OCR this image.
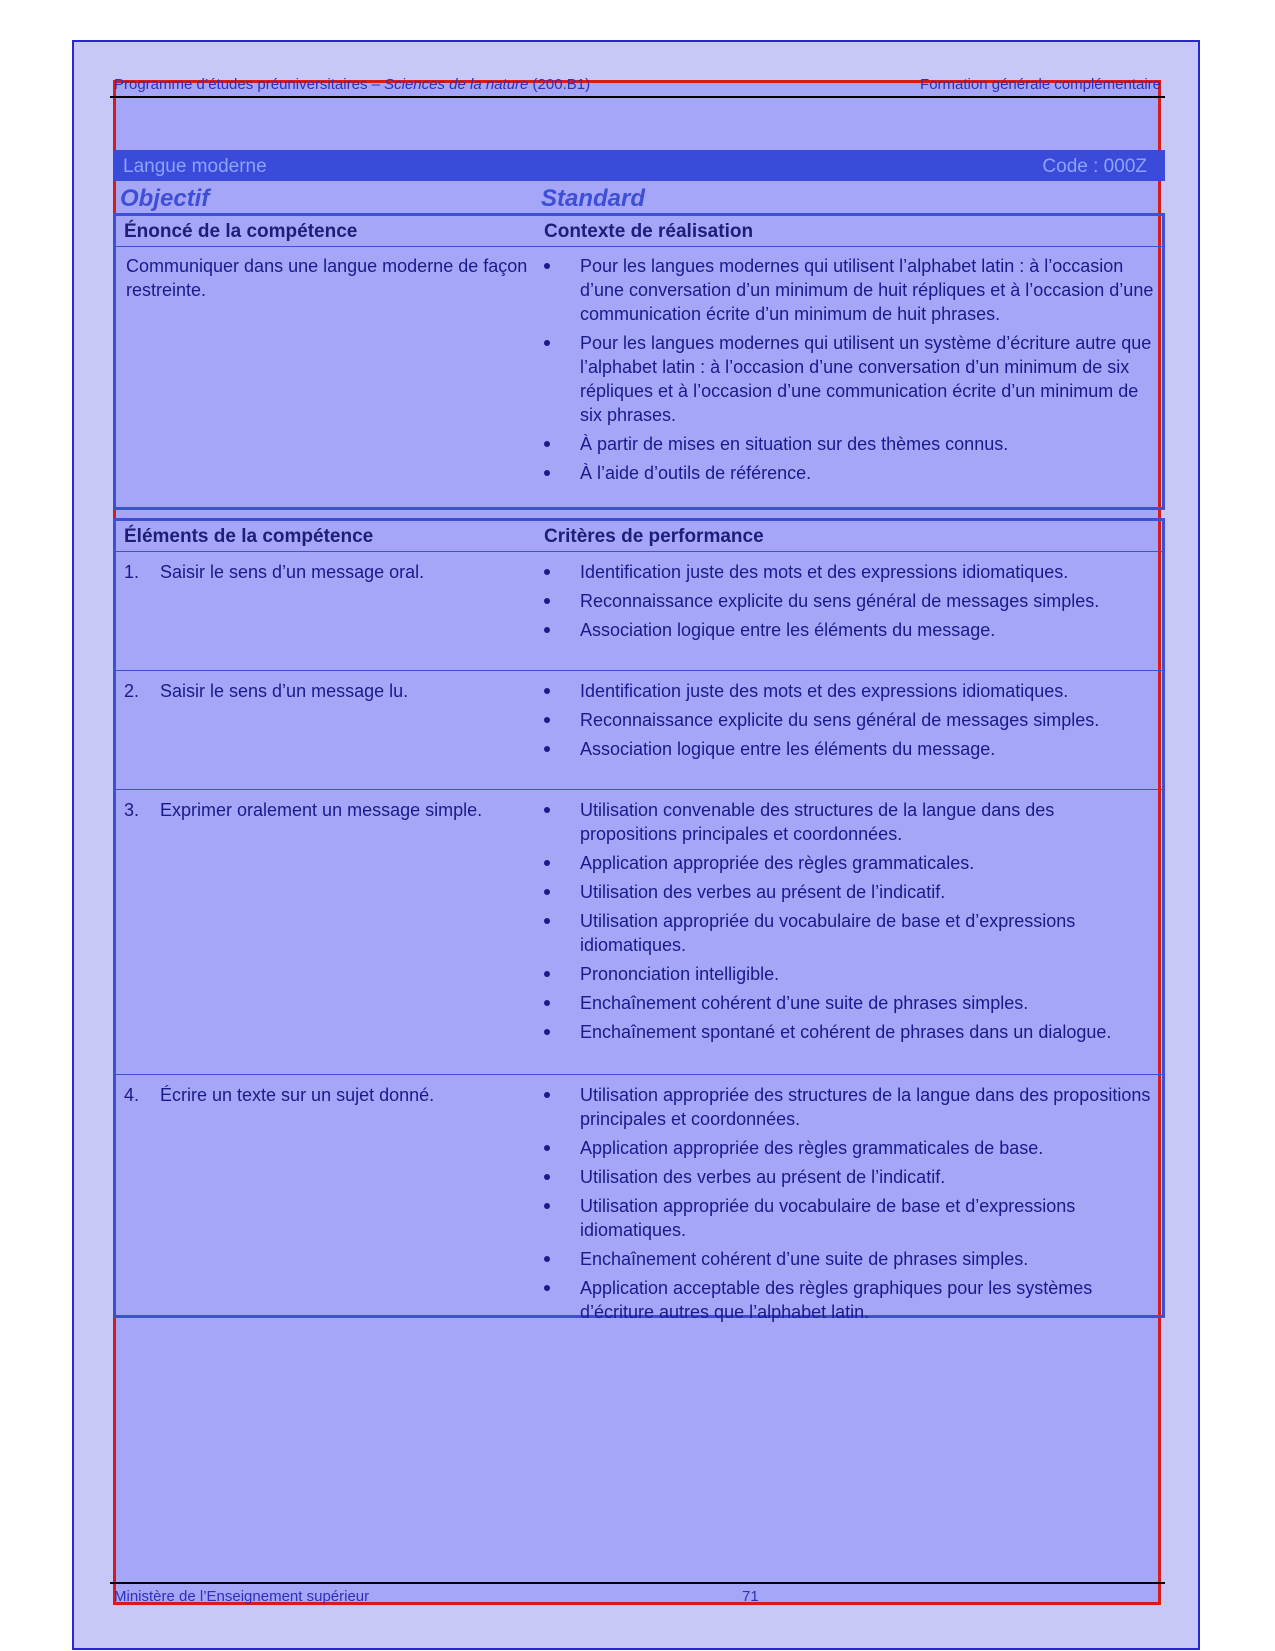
Programme d’études préuniversitaires – Sciences de la nature (200.B1)	Formation générale complémentaire
Langue moderne	Code : 000Z
Objectif	Standard
Énoncé de la compétence	Contexte de réalisation
Communiquer dans une langue moderne de façon restreinte.
Pour les langues modernes qui utilisent l’alphabet latin : à l’occasion d’une conversation d’un minimum de huit répliques et à l’occasion d’une communication écrite d’un minimum de huit phrases.
Pour les langues modernes qui utilisent un système d’écriture autre que l’alphabet latin : à l’occasion d’une conversation d’un minimum de six répliques et à l’occasion d’une communication écrite d’un minimum de six phrases.
À partir de mises en situation sur des thèmes connus.
À l’aide d’outils de référence.
Éléments de la compétence	Critères de performance
1. Saisir le sens d’un message oral.	Identification juste des mots et des expressions idiomatiques.
Reconnaissance explicite du sens général de messages simples.
Association logique entre les éléments du message.
2. Saisir le sens d’un message lu.	Identification juste des mots et des expressions idiomatiques.
Reconnaissance explicite du sens général de messages simples.
Association logique entre les éléments du message.
3. Exprimer oralement un message simple.	Utilisation convenable des structures de la langue dans des propositions principales et coordonnées.
Application appropriée des règles grammaticales.
Utilisation des verbes au présent de l’indicatif.
Utilisation appropriée du vocabulaire de base et d’expressions idiomatiques.
Prononciation intelligible.
Enchaînement cohérent d’une suite de phrases simples.
Enchaînement spontané et cohérent de phrases dans un dialogue.
4. Écrire un texte sur un sujet donné.	Utilisation appropriée des structures de la langue dans des propositions principales et coordonnées.
Application appropriée des règles grammaticales de base.
Utilisation des verbes au présent de l’indicatif.
Utilisation appropriée du vocabulaire de base et d’expressions idiomatiques.
Enchaînement cohérent d’une suite de phrases simples.
Application acceptable des règles graphiques pour les systèmes d’écriture autres que l’alphabet latin.
Ministère de l’Enseignement supérieur	71
